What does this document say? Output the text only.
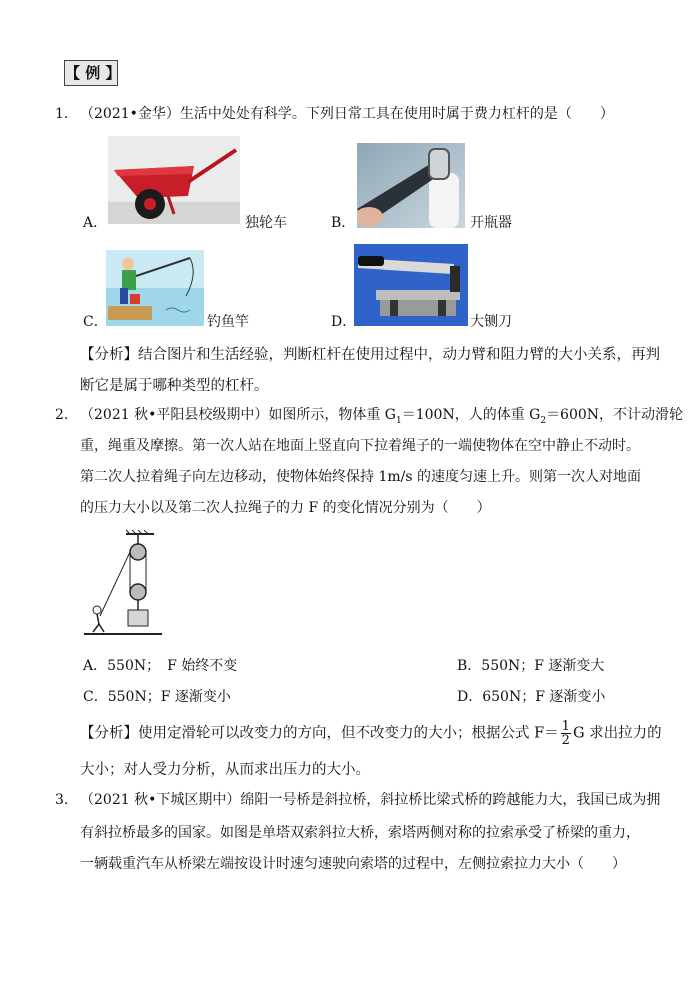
【 例 】
1. （2021•金华）生活中处处有科学。下列日常工具在使用时属于费力杠杆的是（　　）
A．	独轮车	B．	开瓶器
C．	钓鱼竿	D．	大铡刀
【分析】结合图片和生活经验，判断杠杆在使用过程中，动力臂和阻力臂的大小关系，再判
断它是属于哪种类型的杠杆。
2. （2021 秋•平阳县校级期中）如图所示，物体重 $G_1=100N$，人的体重 $G_2=600N$，不计动滑轮
重，绳重及摩擦。第一次人站在地面上竖直向下拉着绳子的一端使物体在空中静止不动时。
第二次人拉着绳子向左边移动，使物体始终保持 1m/s 的速度匀速上升。则第一次人对地面
的压力大小以及第二次人拉绳子的力 F 的变化情况分别为（　　）
A．550N；　F 始终不变	B．550N；F 逐渐变大
C．550N；F 逐渐变小	D．650N；F 逐渐变小
【分析】使用定滑轮可以改变力的方向，但不改变力的大小；根据公式 $F= \frac{1}{2}$ G 求出拉力的
大小；对人受力分析，从而求出压力的大小。
3. （2021 秋•下城区期中）绵阳一号桥是斜拉桥，斜拉桥比梁式桥的跨越能力大，我国已成为拥
有斜拉桥最多的国家。如图是单塔双索斜拉大桥，索塔两侧对称的拉索承受了桥梁的重力，
一辆载重汽车从桥梁左端按设计时速匀速驶向索塔的过程中，左侧拉索拉力大小（　　）
